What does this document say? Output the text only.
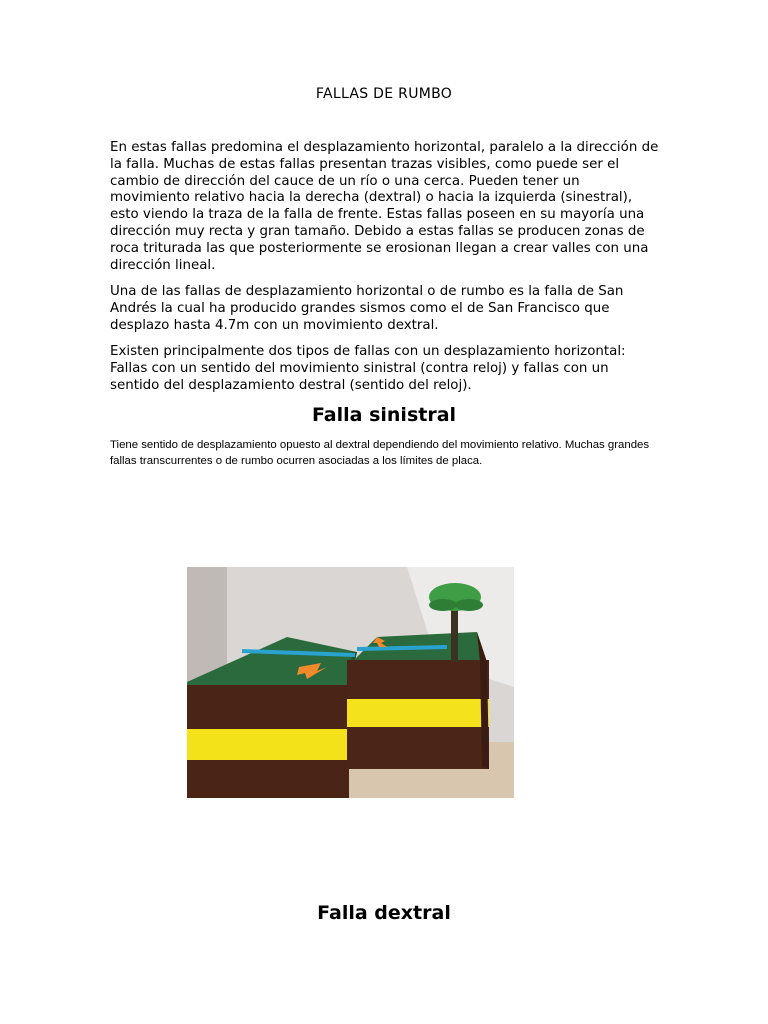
FALLAS DE RUMBO

En estas fallas predomina el desplazamiento horizontal, paralelo a la dirección de la falla. Muchas de estas fallas presentan trazas visibles, como puede ser el cambio de dirección del cauce de un río o una cerca. Pueden tener un movimiento relativo hacia la derecha (dextral) o hacia la izquierda (sinestral), esto viendo la traza de la falla de frente. Estas fallas poseen en su mayoría una dirección muy recta y gran tamaño. Debido a estas fallas se producen zonas de roca triturada las que posteriormente se erosionan llegan a crear valles con una dirección lineal.

Una de las fallas de desplazamiento horizontal o de rumbo es la falla de San Andrés la cual ha producido grandes sismos como el de San Francisco que desplazo hasta 4.7m con un movimiento dextral.

Existen principalmente dos tipos de fallas con un desplazamiento horizontal: Fallas con un sentido del movimiento sinistral (contra reloj) y fallas con un sentido del desplazamiento destral (sentido del reloj).

Falla sinistral

Tiene sentido de desplazamiento opuesto al dextral dependiendo del movimiento relativo. Muchas grandes fallas transcurrentes o de rumbo ocurren asociadas a los límites de placa.

Falla dextral
